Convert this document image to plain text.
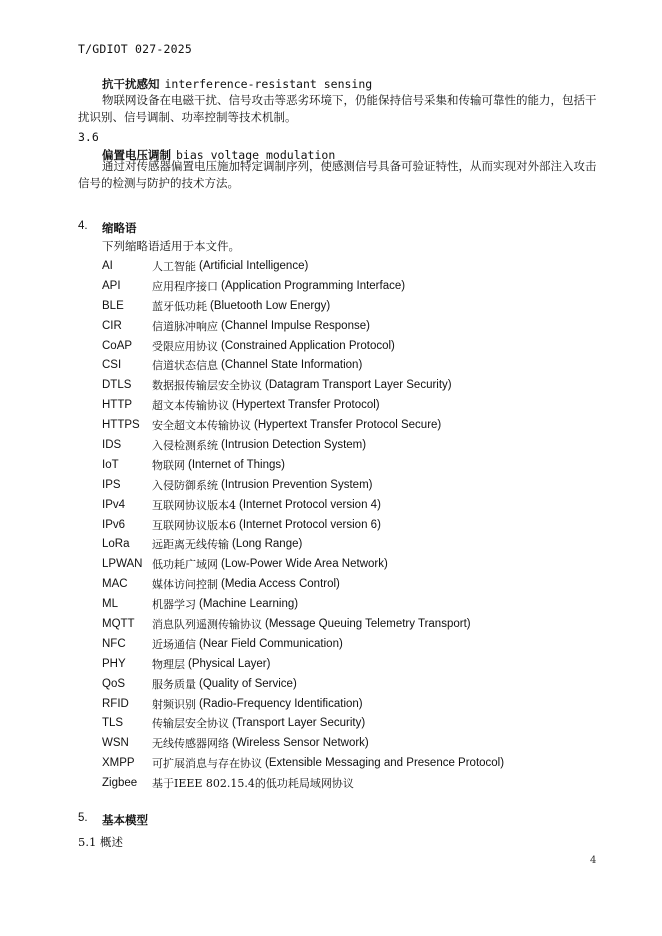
T/GDIOT 027-2025
抗干扰感知 interference-resistant sensing

物联网设备在电磁干扰、信号攻击等恶劣环境下，仍能保持信号采集和传输可靠性的能力，包括干扰识别、信号调制、功率控制等技术机制。

3.6
偏置电压调制 bias voltage modulation

通过对传感器偏置电压施加特定调制序列，使感测信号具备可验证特性，从而实现对外部注入攻击信号的检测与防护的技术方法。

4. 缩略语
下列缩略语适用于本文件。
AI	人工智能 (Artificial Intelligence)
API	应用程序接口 (Application Programming Interface)
BLE	蓝牙低功耗 (Bluetooth Low Energy)
CIR	信道脉冲响应 (Channel Impulse Response)
CoAP	受限应用协议 (Constrained Application Protocol)
CSI	信道状态信息 (Channel State Information)
DTLS	数据报传输层安全协议 (Datagram Transport Layer Security)
HTTP	超文本传输协议 (Hypertext Transfer Protocol)
HTTPS	安全超文本传输协议 (Hypertext Transfer Protocol Secure)
IDS	入侵检测系统 (Intrusion Detection System)
IoT	物联网 (Internet of Things)
IPS	入侵防御系统 (Intrusion Prevention System)
IPv4	互联网协议版本4 (Internet Protocol version 4)
IPv6	互联网协议版本6 (Internet Protocol version 6)
LoRa	远距离无线传输 (Long Range)
LPWAN 低功耗广域网 (Low-Power Wide Area Network)
MAC	媒体访问控制 (Media Access Control)
ML	机器学习 (Machine Learning)
MQTT	消息队列遥测传输协议 (Message Queuing Telemetry Transport)
NFC	近场通信 (Near Field Communication)
PHY	物理层 (Physical Layer)
QoS	服务质量 (Quality of Service)
RFID	射频识别 (Radio-Frequency Identification)
TLS	传输层安全协议 (Transport Layer Security)
WSN	无线传感器网络 (Wireless Sensor Network)
XMPP	可扩展消息与存在协议 (Extensible Messaging and Presence Protocol)
Zigbee	基于IEEE 802.15.4的低功耗局域网协议
5. 基本模型
5.1 概述
4
